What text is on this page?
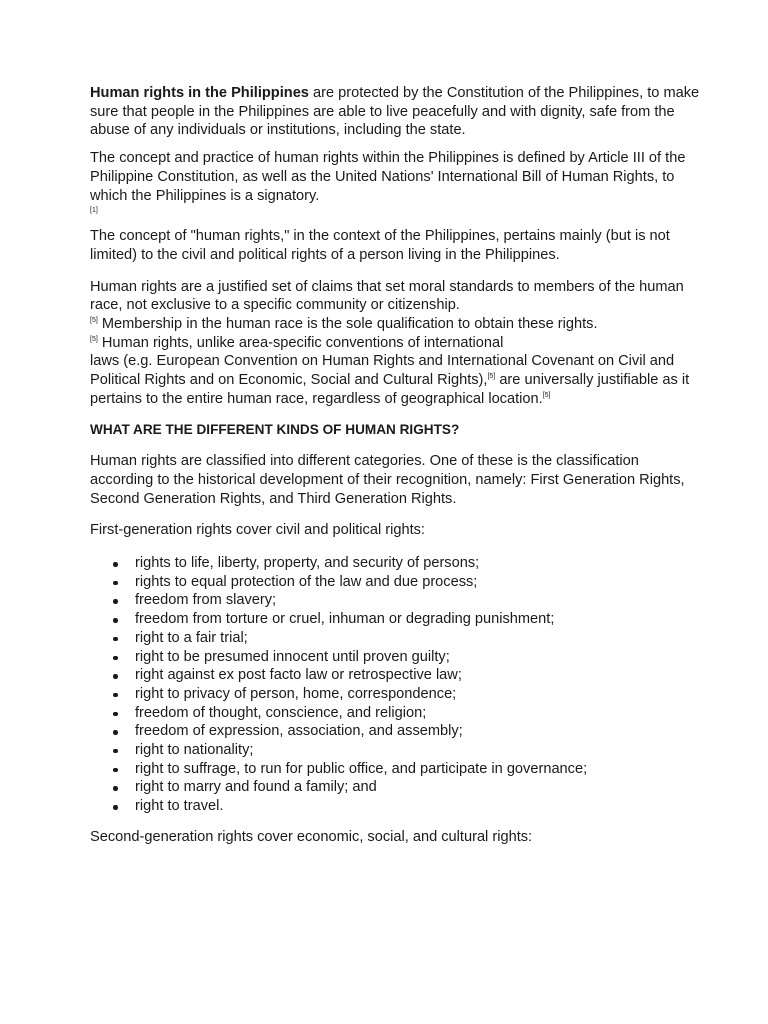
Human rights in the Philippines are protected by the Constitution of the Philippines, to make sure that people in the Philippines are able to live peacefully and with dignity, safe from the abuse of any individuals or institutions, including the state.

The concept and practice of human rights within the Philippines is defined by Article III of the Philippine Constitution, as well as the United Nations' International Bill of Human Rights, to which the Philippines is a signatory.
[1]

The concept of "human rights," in the context of the Philippines, pertains mainly (but is not limited) to the civil and political rights of a person living in the Philippines.

Human rights are a justified set of claims that set moral standards to members of the human race, not exclusive to a specific community or citizenship.
[5] Membership in the human race is the sole qualification to obtain these rights.
[5] Human rights, unlike area-specific conventions of international
laws (e.g. European Convention on Human Rights and International Covenant on Civil and Political Rights and on Economic, Social and Cultural Rights),[5] are universally justifiable as it pertains to the entire human race, regardless of geographical location.[5]

WHAT ARE THE DIFFERENT KINDS OF HUMAN RIGHTS?

Human rights are classified into different categories. One of these is the classification according to the historical development of their recognition, namely: First Generation Rights, Second Generation Rights, and Third Generation Rights.

First-generation rights cover civil and political rights:

rights to life, liberty, property, and security of persons;
rights to equal protection of the law and due process;
freedom from slavery;
freedom from torture or cruel, inhuman or degrading punishment;
right to a fair trial;
right to be presumed innocent until proven guilty;
right against ex post facto law or retrospective law;
right to privacy of person, home, correspondence;
freedom of thought, conscience, and religion;
freedom of expression, association, and assembly;
right to nationality;
right to suffrage, to run for public office, and participate in governance;
right to marry and found a family; and
right to travel.

Second-generation rights cover economic, social, and cultural rights:
